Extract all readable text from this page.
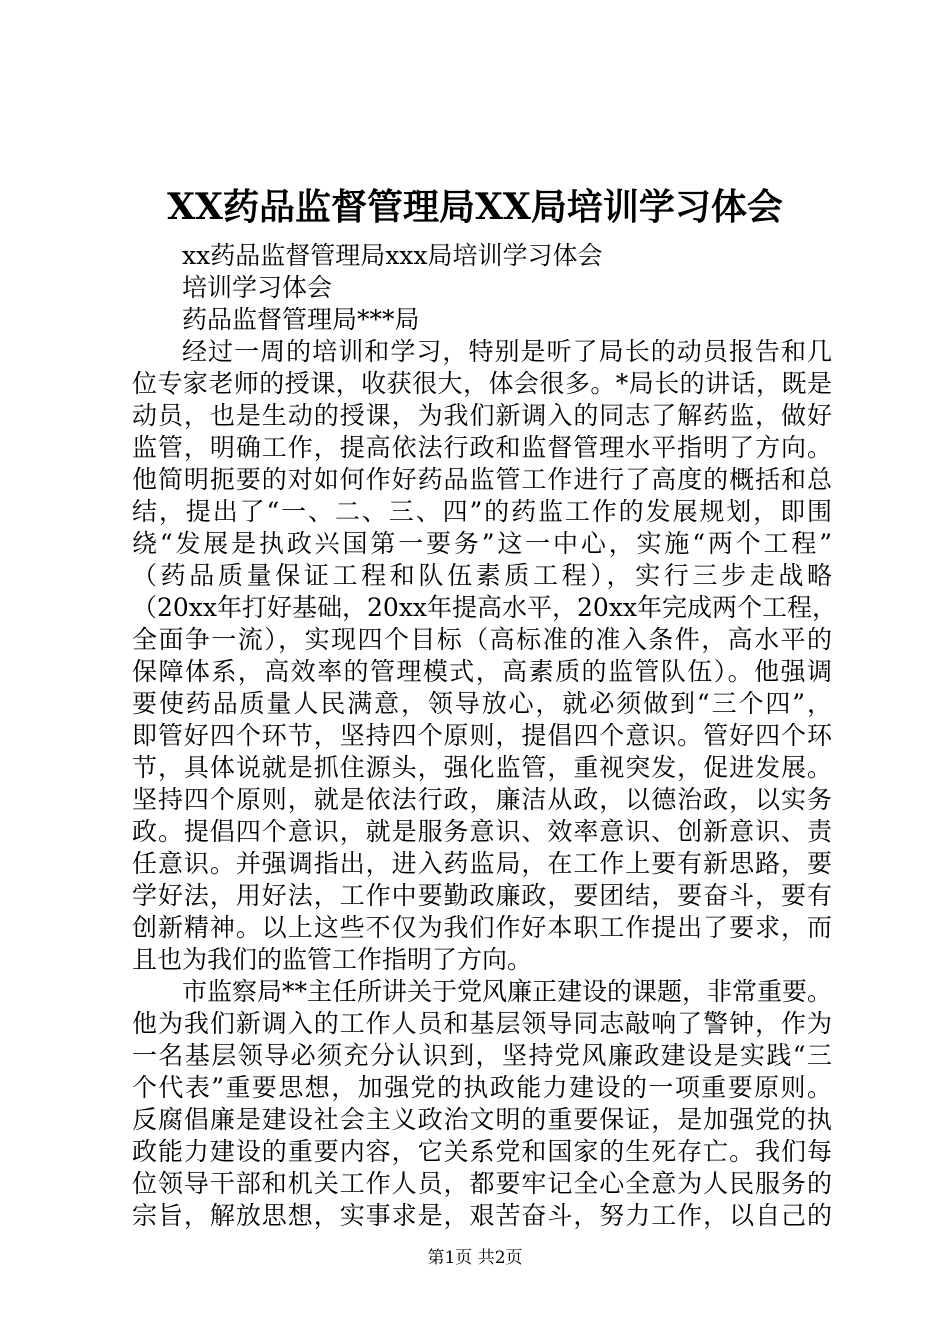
XX药品监督管理局XX局培训学习体会
xx药品监督管理局xxx局培训学习体会
培训学习体会
药品监督管理局***局
经过一周的培训和学习，特别是听了局长的动员报告和几
位专家老师的授课，收获很大，体会很多。*局长的讲话，既是
动员，也是生动的授课，为我们新调入的同志了解药监，做好
监管，明确工作，提高依法行政和监督管理水平指明了方向。
他简明扼要的对如何作好药品监管工作进行了高度的概括和总
结，提出了“一、二、三、四”的药监工作的发展规划，即围
绕“发展是执政兴国第一要务”这一中心，实施“两个工程”
（药品质量保证工程和队伍素质工程），实行三步走战略
（20xx年打好基础，20xx年提高水平，20xx年完成两个工程，
全面争一流），实现四个目标（高标准的准入条件，高水平的
保障体系，高效率的管理模式，高素质的监管队伍）。他强调
要使药品质量人民满意，领导放心，就必须做到“三个四”，
即管好四个环节，坚持四个原则，提倡四个意识。管好四个环
节，具体说就是抓住源头，强化监管，重视突发，促进发展。
坚持四个原则，就是依法行政，廉洁从政，以德治政，以实务
政。提倡四个意识，就是服务意识、效率意识、创新意识、责
任意识。并强调指出，进入药监局，在工作上要有新思路，要
学好法，用好法，工作中要勤政廉政，要团结，要奋斗，要有
创新精神。以上这些不仅为我们作好本职工作提出了要求，而
且也为我们的监管工作指明了方向。
市监察局**主任所讲关于党风廉正建设的课题，非常重要。
他为我们新调入的工作人员和基层领导同志敲响了警钟，作为
一名基层领导必须充分认识到，坚持党风廉政建设是实践“三
个代表”重要思想，加强党的执政能力建设的一项重要原则。
反腐倡廉是建设社会主义政治文明的重要保证，是加强党的执
政能力建设的重要内容，它关系党和国家的生死存亡。我们每
位领导干部和机关工作人员，都要牢记全心全意为人民服务的
宗旨，解放思想，实事求是，艰苦奋斗，努力工作，以自己的
第1页 共2页
